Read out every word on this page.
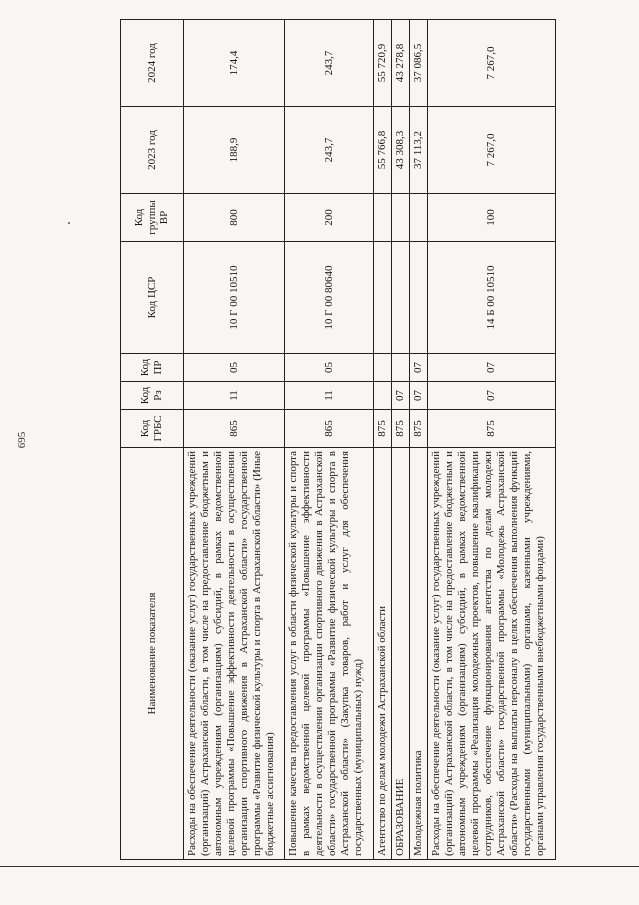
695
Наименование показателя	Код ГРБС	Код Рз	Код ПР	Код ЦСР	Код группы ВР	2023 год	2024 год
Расходы на обеспечение деятельности (оказание услуг) государственных учреждений (организаций) Астраханской области, в том числе на предоставление бюджетным и автономным учреждениям (организациям) субсидий, в рамках ведомственной целевой программы «Повышение эффективности деятельности в осуществлении организации спортивного движения в Астраханской области» государственной программы «Развитие физической культуры и спорта в Астраханской области» (Иные бюджетные ассигнования)	865	11	05	10 Г 00 10510	800	188,9	174,4
Повышение качества предоставления услуг в области физической культуры и спорта в рамках ведомственной целевой программы «Повышение эффективности деятельности в осуществлении организации спортивного движения в Астраханской области» государственной программы «Развитие физической культуры и спорта в Астраханской области» (Закупка товаров, работ и услуг для обеспечения государственных (муниципальных) нужд)	865	11	05	10 Г 00 80640	200	243,7	243,7
Агентство по делам молодежи Астраханской области	875					55 766,8	55 720,9
ОБРАЗОВАНИЕ	875	07				43 308,3	43 278,8
Молодежная политика	875	07	07			37 113,2	37 086,5
Расходы на обеспечение деятельности (оказание услуг) государственных учреждений (организаций) Астраханской области, в том числе на предоставление бюджетным и автономным учреждениям (организациям) субсидий, в рамках ведомственной целевой программы «Реализация молодежных проектов, повышение квалификации сотрудников, обеспечение функционирования агентства по делам молодежи Астраханской области» государственной программы «Молодежь Астраханской области» (Расходы на выплаты персоналу в целях обеспечения выполнения функций государственными (муниципальными) органами, казенными учреждениями, органами управления государственными внебюджетными фондами)	875	07	07	14 Б 00 10510	100	7 267,0	7 267,0
